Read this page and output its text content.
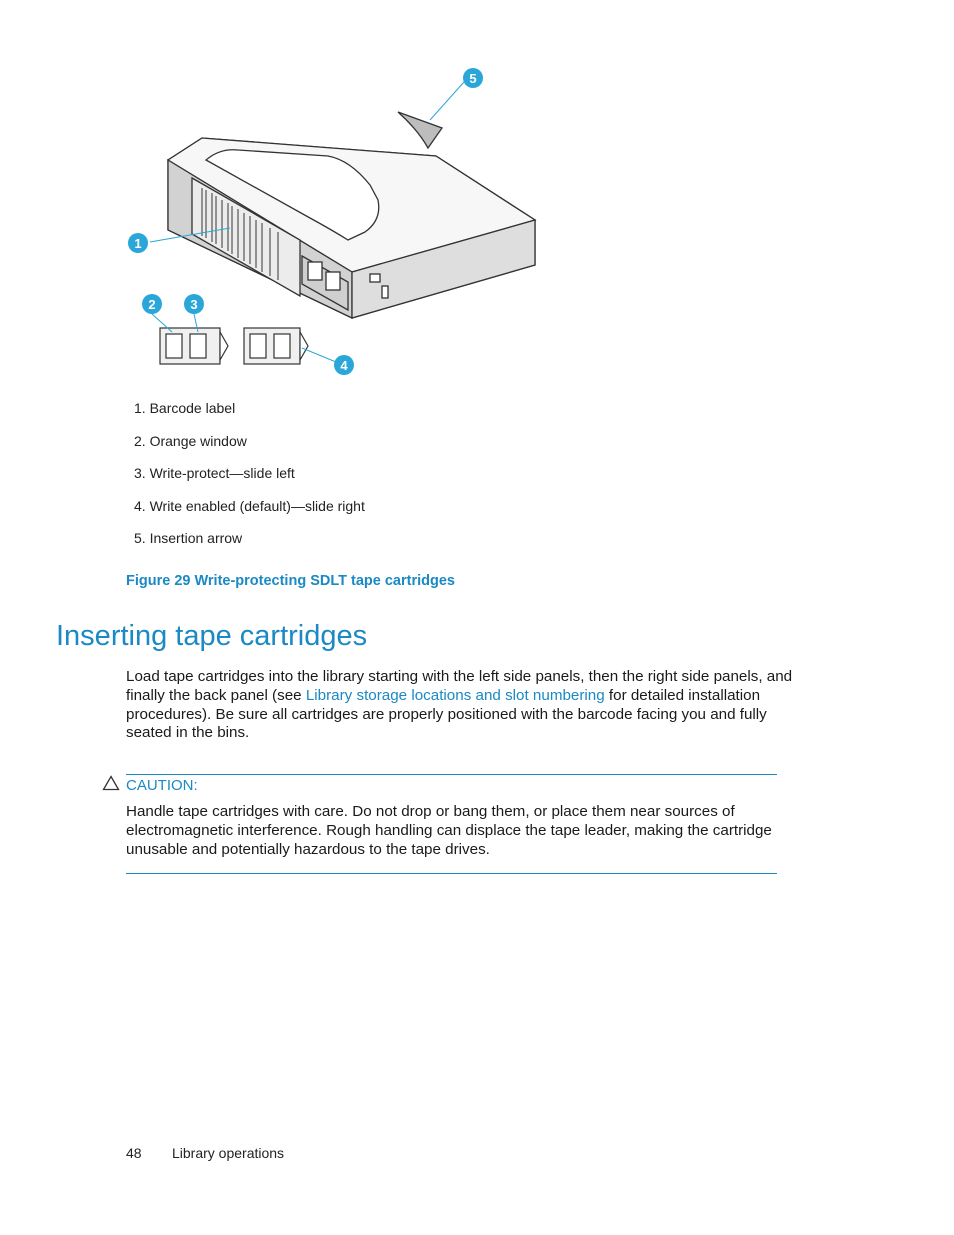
1
2	3
4
5
1. Barcode label
2. Orange window
3. Write-protect—slide left
4. Write enabled (default)—slide right
5. Insertion arrow
Figure 29 Write-protecting SDLT tape cartridges
Inserting tape cartridges

Load tape cartridges into the library starting with the left side panels, then the right side panels, and finally the back panel (see Library storage locations and slot numbering for detailed installation procedures). Be sure all cartridges are properly positioned with the barcode facing you and fully seated in the bins.

CAUTION:

Handle tape cartridges with care. Do not drop or bang them, or place them near sources of electromagnetic interference. Rough handling can displace the tape leader, making the cartridge unusable and potentially hazardous to the tape drives.

48 Library operations
